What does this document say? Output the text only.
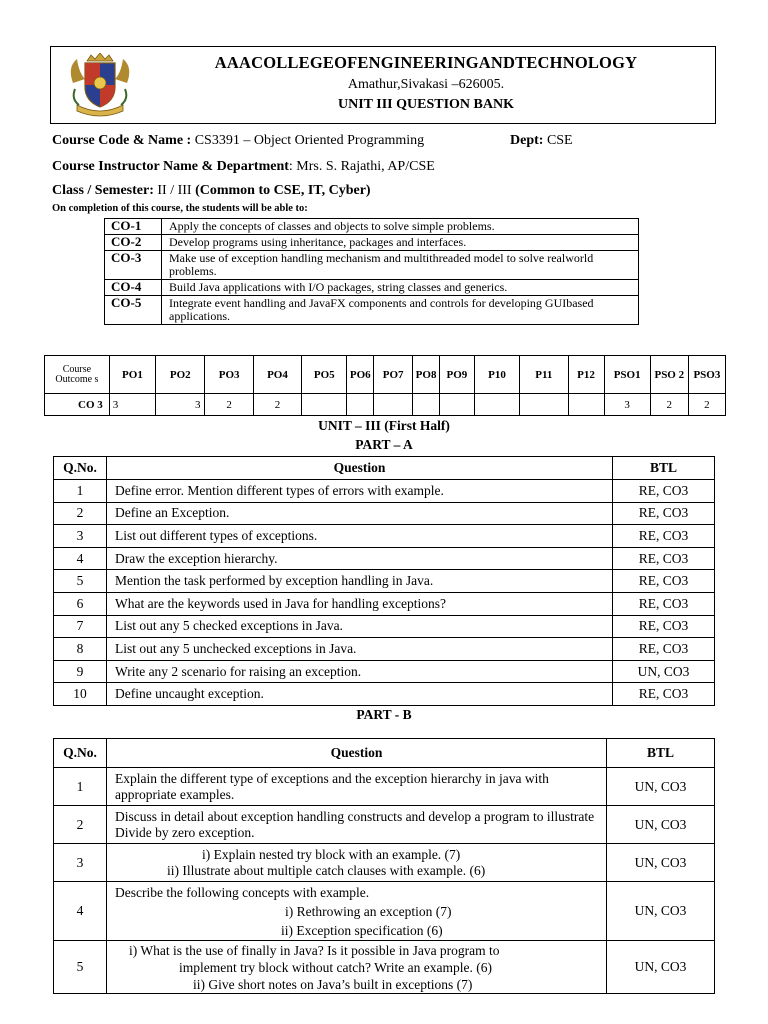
AAACOLLEGEOFENGINEERINGANDTECHNOLOGY
Amathur,Sivakasi –626005.
UNIT III QUESTION BANK
Course Code & Name : CS3391 – Object Oriented Programming	Dept: CSE
Course Instructor Name & Department: Mrs. S. Rajathi, AP/CSE
Class / Semester: II / III (Common to CSE, IT, Cyber)
On completion of this course, the students will be able to:
CO-1	Apply the concepts of classes and objects to solve simple problems.
CO-2	Develop programs using inheritance, packages and interfaces.
CO-3	Make use of exception handling mechanism and multithreaded model to solve realworld problems.
CO-4	Build Java applications with I/O packages, string classes and generics.
CO-5	Integrate event handling and JavaFX components and controls for developing GUIbased applications.
Course Outcome s	PO1	PO2	PO3	PO4	PO5	PO6	PO7	PO8	PO9	P10	P11	P12	PSO1	PSO 2	PSO3
CO 3	3	3	2	2									3	2	2
UNIT – III (First Half)
PART – A
Q.No.	Question	BTL
1	Define error. Mention different types of errors with example.	RE, CO3
2	Define an Exception.	RE, CO3
3	List out different types of exceptions.	RE, CO3
4	Draw the exception hierarchy.	RE, CO3
5	Mention the task performed by exception handling in Java.	RE, CO3
6	What are the keywords used in Java for handling exceptions?	RE, CO3
7	List out any 5 checked exceptions in Java.	RE, CO3
8	List out any 5 unchecked exceptions in Java.	RE, CO3
9	Write any 2 scenario for raising an exception.	UN, CO3
10	Define uncaught exception.	RE, CO3
PART - B
Q.No.	Question	BTL
1	Explain the different type of exceptions and the exception hierarchy in java with appropriate examples.	UN, CO3
2	Discuss in detail about exception handling constructs and develop a program to illustrate Divide by zero exception.	UN, CO3
3	i) Explain nested try block with an example. (7)
ii) Illustrate about multiple catch clauses with example. (6)	UN, CO3
4	Describe the following concepts with example.
i) Rethrowing an exception (7)
ii) Exception specification (6)	UN, CO3
5	i) What is the use of finally in Java? Is it possible in Java program to
implement try block without catch? Write an example. (6)
ii) Give short notes on Java’s built in exceptions (7)	UN, CO3
